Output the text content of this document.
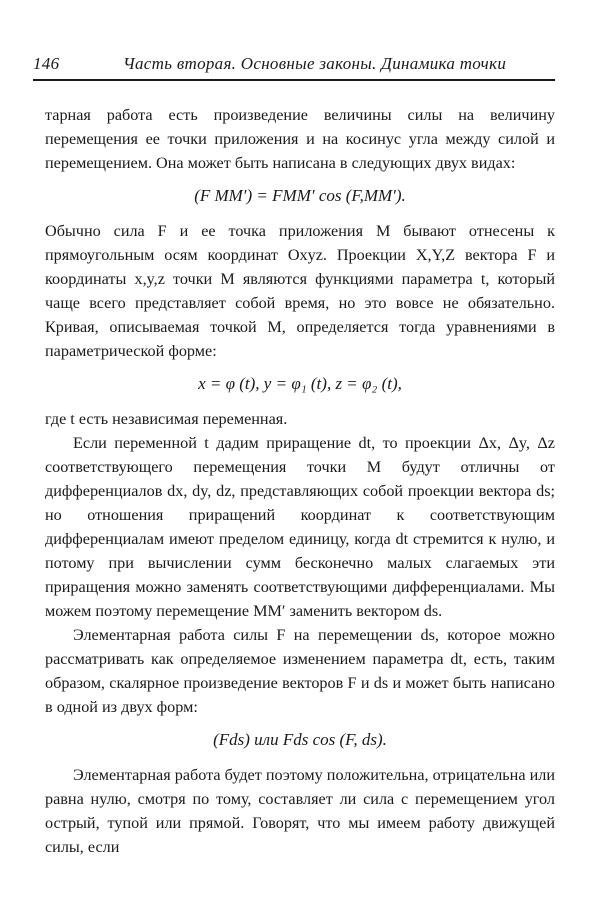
146	Часть вторая. Основные законы. Динамика точки

тарная работа есть произведение величины силы на величину перемещения ее точки приложения и на косинус угла между силой и перемещением. Она может быть написана в следующих двух видах:

(F MM′) = FMM′ cos (F,MM′).

Обычно сила F и ее точка приложения M бывают отнесены к прямоугольным осям координат Oxyz. Проекции X,Y,Z вектора F и координаты x,y,z точки M являются функциями параметра t, который чаще всего представляет собой время, но это вовсе не обязательно. Кривая, описываемая точкой M, определяется тогда уравнениями в параметрической форме:

x = φ (t), y = φ₁ (t), z = φ₂ (t),

где t есть независимая переменная.

Если переменной t дадим приращение dt, то проекции Δx, Δy, Δz соответствующего перемещения точки M будут отличны от дифференциалов dx, dy, dz, представляющих собой проекции вектора ds; но отношения приращений координат к соответствующим дифференциалам имеют пределом единицу, когда dt стремится к нулю, и потому при вычислении сумм бесконечно малых слагаемых эти приращения можно заменять соответствующими дифференциалами. Мы можем поэтому перемещение MM′ заменить вектором ds.

Элементарная работа силы F на перемещении ds, которое можно рассматривать как определяемое изменением параметра dt, есть, таким образом, скалярное произведение векторов F и ds и может быть написано в одной из двух форм:

(Fds) или Fds cos (F, ds).

Элементарная работа будет поэтому положительна, отрицательна или равна нулю, смотря по тому, составляет ли сила с перемещением угол острый, тупой или прямой. Говорят, что мы имеем работу движущей силы, если
